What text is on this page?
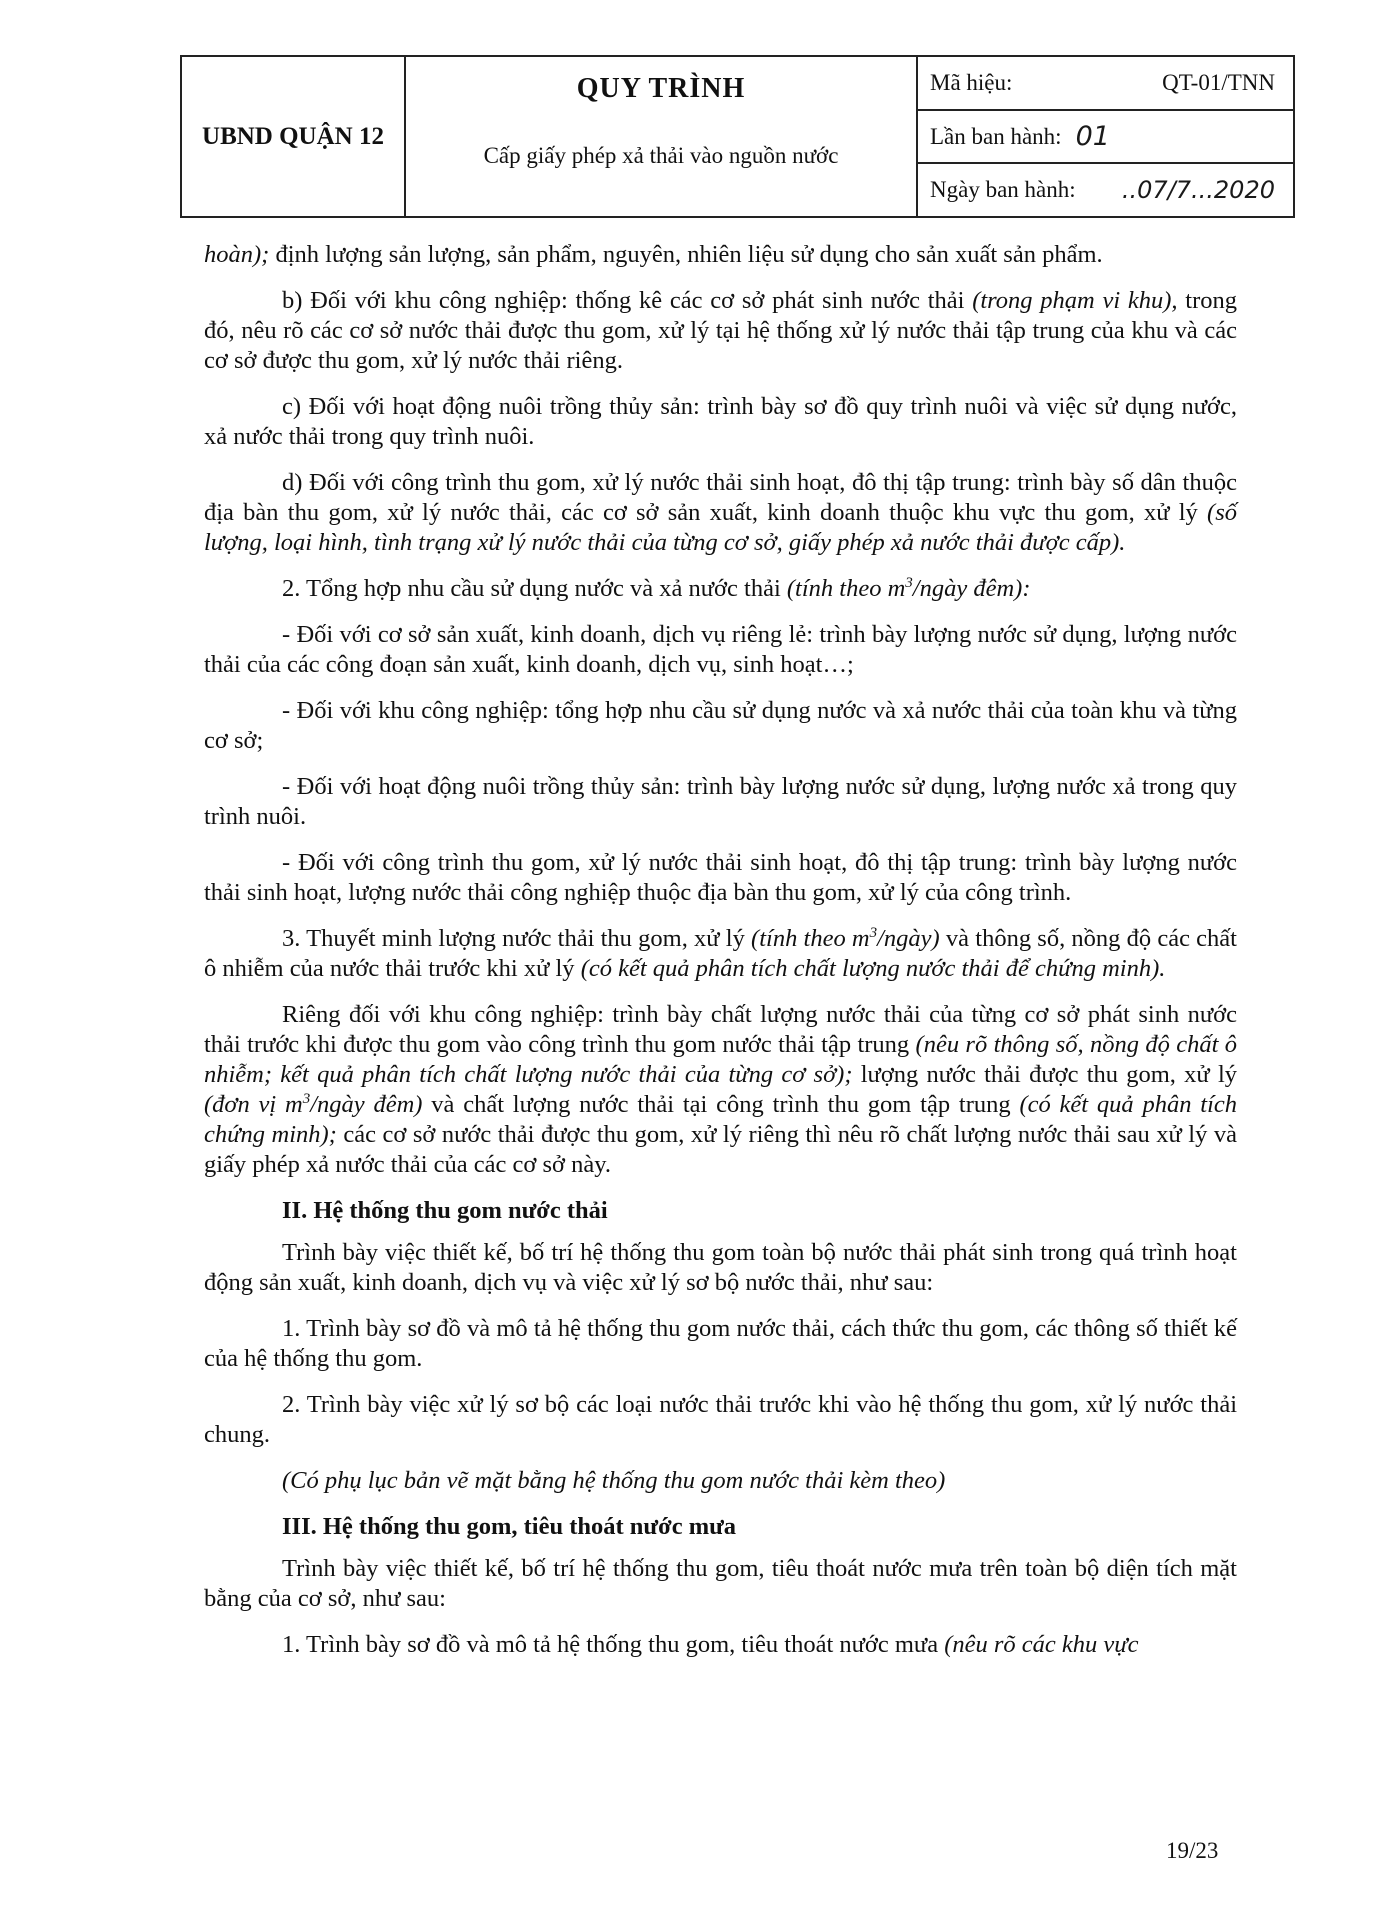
UBND QUẬN 12
QUY TRÌNH
Cấp giấy phép xả thải vào nguồn nước
Mã hiệu:	QT-01/TNN
Lần ban hành: 01
Ngày ban hành: ..07/7...2020

hoàn); định lượng sản lượng, sản phẩm, nguyên, nhiên liệu sử dụng cho sản xuất sản phẩm.

b) Đối với khu công nghiệp: thống kê các cơ sở phát sinh nước thải (trong phạm vi khu), trong đó, nêu rõ các cơ sở nước thải được thu gom, xử lý tại hệ thống xử lý nước thải tập trung của khu và các cơ sở được thu gom, xử lý nước thải riêng.

c) Đối với hoạt động nuôi trồng thủy sản: trình bày sơ đồ quy trình nuôi và việc sử dụng nước, xả nước thải trong quy trình nuôi.

d) Đối với công trình thu gom, xử lý nước thải sinh hoạt, đô thị tập trung: trình bày số dân thuộc địa bàn thu gom, xử lý nước thải, các cơ sở sản xuất, kinh doanh thuộc khu vực thu gom, xử lý (số lượng, loại hình, tình trạng xử lý nước thải của từng cơ sở, giấy phép xả nước thải được cấp).

2. Tổng hợp nhu cầu sử dụng nước và xả nước thải (tính theo $m^3$/ngày đêm):

- Đối với cơ sở sản xuất, kinh doanh, dịch vụ riêng lẻ: trình bày lượng nước sử dụng, lượng nước thải của các công đoạn sản xuất, kinh doanh, dịch vụ, sinh hoạt…;

- Đối với khu công nghiệp: tổng hợp nhu cầu sử dụng nước và xả nước thải của toàn khu và từng cơ sở;

- Đối với hoạt động nuôi trồng thủy sản: trình bày lượng nước sử dụng, lượng nước xả trong quy trình nuôi.

- Đối với công trình thu gom, xử lý nước thải sinh hoạt, đô thị tập trung: trình bày lượng nước thải sinh hoạt, lượng nước thải công nghiệp thuộc địa bàn thu gom, xử lý của công trình.

3. Thuyết minh lượng nước thải thu gom, xử lý (tính theo $m^3/ngày$) và thông số, nồng độ các chất ô nhiễm của nước thải trước khi xử lý (có kết quả phân tích chất lượng nước thải để chứng minh).

Riêng đối với khu công nghiệp: trình bày chất lượng nước thải của từng cơ sở phát sinh nước thải trước khi được thu gom vào công trình thu gom nước thải tập trung (nêu rõ thông số, nồng độ chất ô nhiễm; kết quả phân tích chất lượng nước thải của từng cơ sở); lượng nước thải được thu gom, xử lý (đơn vị $m^3$/ngày đêm) và chất lượng nước thải tại công trình thu gom tập trung (có kết quả phân tích chứng minh); các cơ sở nước thải được thu gom, xử lý riêng thì nêu rõ chất lượng nước thải sau xử lý và giấy phép xả nước thải của các cơ sở này.

II. Hệ thống thu gom nước thải

Trình bày việc thiết kế, bố trí hệ thống thu gom toàn bộ nước thải phát sinh trong quá trình hoạt động sản xuất, kinh doanh, dịch vụ và việc xử lý sơ bộ nước thải, như sau:

1. Trình bày sơ đồ và mô tả hệ thống thu gom nước thải, cách thức thu gom, các thông số thiết kế của hệ thống thu gom.

2. Trình bày việc xử lý sơ bộ các loại nước thải trước khi vào hệ thống thu gom, xử lý nước thải chung.

(Có phụ lục bản vẽ mặt bằng hệ thống thu gom nước thải kèm theo)

III. Hệ thống thu gom, tiêu thoát nước mưa

Trình bày việc thiết kế, bố trí hệ thống thu gom, tiêu thoát nước mưa trên toàn bộ diện tích mặt bằng của cơ sở, như sau:

1. Trình bày sơ đồ và mô tả hệ thống thu gom, tiêu thoát nước mưa (nêu rõ các khu vực

19/23
